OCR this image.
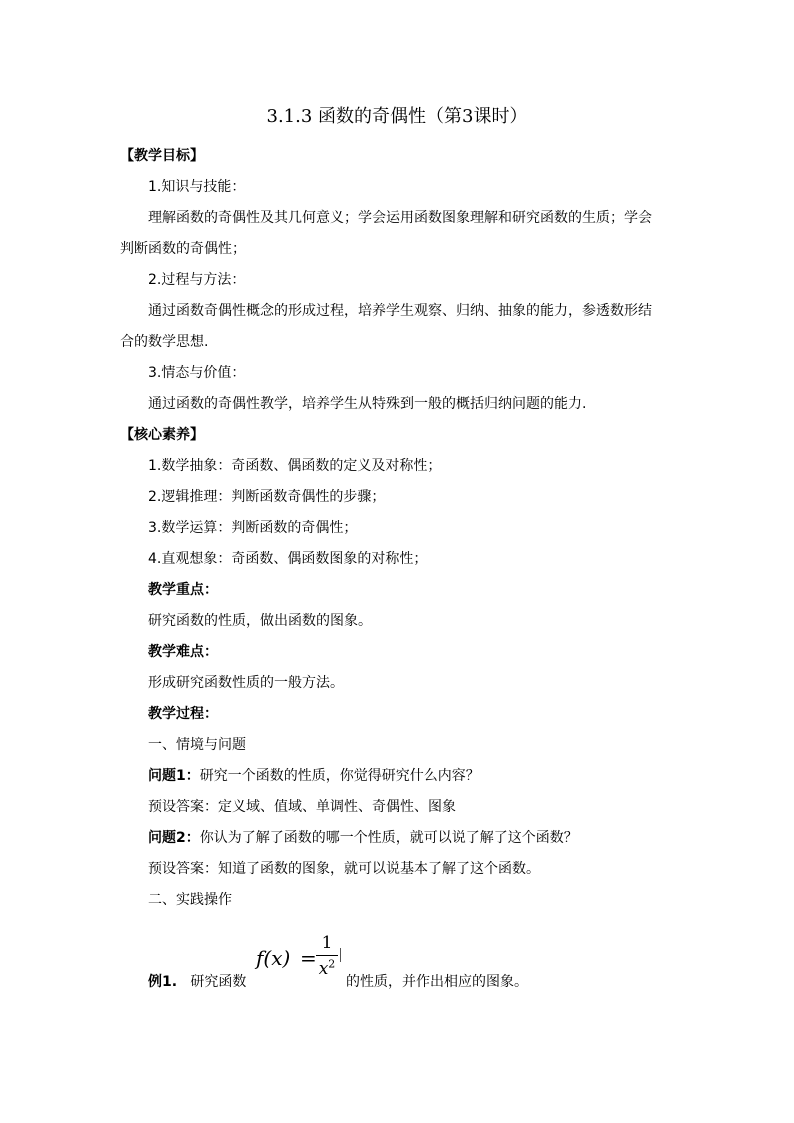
3.1.3 函数的奇偶性（第3课时）
【教学目标】
1.知识与技能：
理解函数的奇偶性及其几何意义；学会运用函数图象理解和研究函数的生质；学会
判断函数的奇偶性；
2.过程与方法：
通过函数奇偶性概念的形成过程，培养学生观察、归纳、抽象的能力，参透数形结
合的数学思想.
3.情态与价值：
通过函数的奇偶性教学，培养学生从特殊到一般的概括归纳问题的能力.
【核心素养】
1.数学抽象：奇函数、偶函数的定义及对称性；
2.逻辑推理：判断函数奇偶性的步骤；
3.数学运算：判断函数的奇偶性；
4.直观想象：奇函数、偶函数图象的对称性；
教学重点：
研究函数的性质，做出函数的图象。
教学难点：
形成研究函数性质的一般方法。
教学过程：
一、情境与问题
问题1：研究一个函数的性质，你觉得研究什么内容？
预设答案：定义域、值域、单调性、奇偶性、图象
问题2：你认为了解了函数的哪一个性质，就可以说了解了这个函数？
预设答案：知道了函数的图象，就可以说基本了解了这个函数。
二、实践操作
f(x) =
1
$x^2$
例1. 研究函数	的性质，并作出相应的图象。
